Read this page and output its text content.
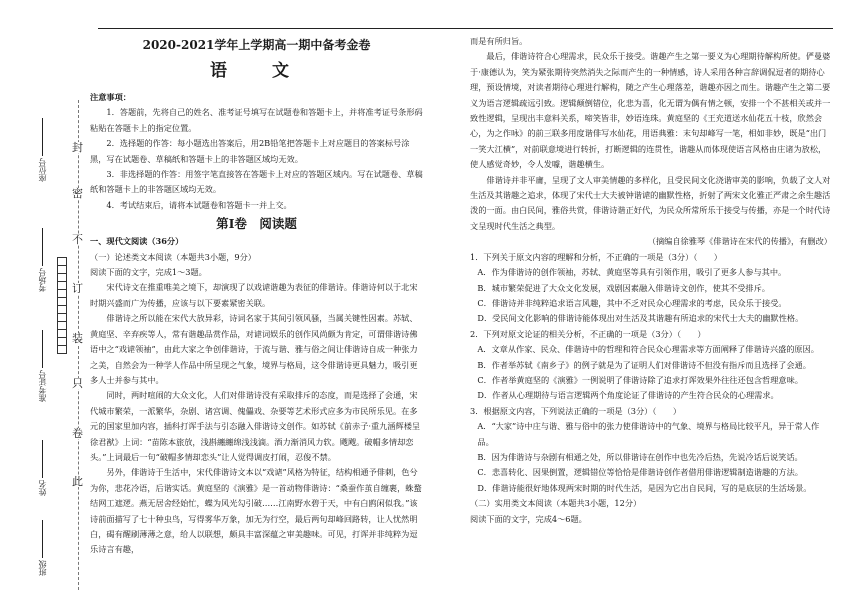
封
密
不
订
装
只
卷
此
座位号
考场号
准考证号
姓名
班级
2020-2021学年上学期高一期中备考金卷
语　文

注意事项：

1．答题前，先将自己的姓名、准考证号填写在试题卷和答题卡上，并将准考证号条形码粘贴在答题卡上的指定位置。

2．选择题的作答：每小题选出答案后，用2B铅笔把答题卡上对应题目的答案标号涂黑，写在试题卷、草稿纸和答题卡上的非答题区域均无效。

3．非选择题的作答：用签字笔直接答在答题卡上对应的答题区域内。写在试题卷、草稿纸和答题卡上的非答题区域均无效。

4．考试结束后，请将本试题卷和答题卡一并上交。

第Ⅰ卷　阅读题

一、现代文阅读（36分）

（一）论述类文本阅读（本题共3小题，9分）

阅读下面的文字，完成1～3题。

宋代诗文在推重唯美之境下，却演现了以戏谑谐趣为表征的俳谐诗。俳谐诗何以于北宋时期兴盛而广为传播，应该与以下要素紧密关联。

俳谐诗之所以能在宋代大放异彩，诗词名家于其间引领风骚，当属关键性因素。苏轼、黄庭坚、辛弃疾等人，常有谐趣品赏作品，对谑词娱乐的创作风尚颇为肯定，可谓俳谐诗佛语中之“戏谑领袖”，由此大家之争创俳谐诗，于流与谐、雅与俗之间让俳谐诗自成一种张力之美，自然会为一种学人作品中所呈现之气象，境界与格局，这令俳谐诗更具魅力，吸引更多人士并参与其中。

同时，两时喧闹的大众文化，人们对俳谐诗没有采取排斥的态度，而是选择了会通，宋代城市繁荣，一派繁华，杂剧、诸宫调、傀儡戏、杂要等艺术形式应多为市民所乐见。在多元的国家里加内容，插科打诨手法与引态融入俳谐诗文创作。如苏轼《前赤子·重九涵辉楼呈徐君猷》上词：“苗陈本旅放，浅斟纏纏绵浅浅滴。酒力渐消风力软。飕飕。破帽多情却恋头。”上词最后一句“破帽多情却恋头”让人觉得调皮打闹，忍俊不禁。

另外，俳谐诗于生活中，宋代俳谐诗文本以“戏谑”风格为特征，结构相通予俳刺，色兮为你，悲花冷语，后谐实话。黄庭坚的《演雅》是一首动物俳谐诗：“桑蚕作茧自缠裹，蛛蝥结网工遮逻。燕无居舍经始忙，蝶为风光勾引破……江南野水碧于天，中有白鸥闲似我。”该诗前面描写了七十种虫鸟，写得雾华万象，加无为行空，最后两句却峰回路转，让人忧然明白，碣有醒刷薄薄之意，给人以联想，颇具丰富深蕴之审美趣味。可见，打诨并非纯粹为逗乐诗言有趣，

而是有所归旨。

最后，俳谐诗符合心理需求，民众乐于接受。谐趣产生之第一要义为心理期待解构所使。俨曼婆于·康德认为，笑为紧张期待突然消失之际而产生的一种情感，诗人采用各种言辞调侃逗者的期待心理，预设情境，对读者期待心理进行解构，随之产生心理落差，谐趣亦因之而生。谐趣产生之第二要义为语言逻辑疏远引致。逻辑颠倒错位，化悲为喜，化无谓为偶有情之顿，安排一个不甚相关或并一致性逻辑，呈现出丰意料关系，啼笑皆非，妙语连珠。黄庭坚的《王充道送水仙花五十枝，欣然会心，为之作咏》的前三联多用度谐俳写水仙花，用语典雅：末句却峰写一笔，相如非妙，既是“出门一笑大江横”，对前联意境进行转折，打断逻辑的连贯性，谐趣从而体现使语言风格由庄诸为放松，使人感觉奇妙，令人发噱，谐趣横生。

俳谐诗并非平庸，呈现了文人审美情趣的多样化，且受民间文化浇谐审美的影响，负载了文人对生活及其谐趣之追求，体现了宋代士大夫被钟谐谑的幽默性格，折射了两宋文化雅正严肃之余生趣活泼的一面。由白民间，雅俗共赏，俳谐诗谐正好代，为民众所常所乐于接受与传播，亦是一个时代诗文呈现时代生活之典型。

（摘编自徐雅琴《俳谐诗在宋代的传播》，有删改）

1．下列关于原文内容的理解和分析，不正确的一项是（3分）（　　）

A．作为俳谐诗的创作领袖，苏轼、黄庭坚等具有引领作用，吸引了更多人参与其中。

B．城市繁荣促进了大众文化发展，戏剧因素融入俳谐诗文创作，使其不受排斥。

C．俳谐诗并非纯粹追求语言风趣，其中不乏对民众心理需求的考虑，民众乐于接受。

D．受民间文化影响的俳谐诗能体现出对生活及其谐趣有所追求的宋代士大夫的幽默性格。

2．下列对原文论证的相关分析，不正确的一项是（3分）（　　）

A．文章从作家、民众、俳谐诗中的哲理和符合民众心理需求等方面阐释了俳谐诗兴盛的原因。

B．作者举苏轼《南乡子》的例子就是为了证明人们对俳谐诗不但没有指斥而且选择了会通。

C．作者举黄庭坚的《演雅》一例说明了俳谐诗除了追求打诨效果外往往还包含哲理意味。

D．作者从心理期待与语言逻辑两个角度论证了俳谐诗的产生符合民众的心理需求。

3．根据原文内容，下列说法正确的一项是（3分）（　　）

A．“大家”诗中庄与谐、雅与俗中的张力使俳谐诗中的气象、境界与格局比较平凡，异于常人作品。

B．因为俳谐诗与杂剧有相通之处，所以俳谐诗在创作中也先冷后热，先说冷话后说笑话。

C．悲喜转化、因果倒置，逻辑错位等恰恰是俳谐诗创作者借用俳谐逻辑制造谐趣的方法。

D．俳谐诗能很好地体现两宋时期的时代生活，是因为它出自民间，写的是底层的生活场景。

（二）实用类文本阅读（本题共3小题，12分）

阅读下面的文字，完成4～6题。
